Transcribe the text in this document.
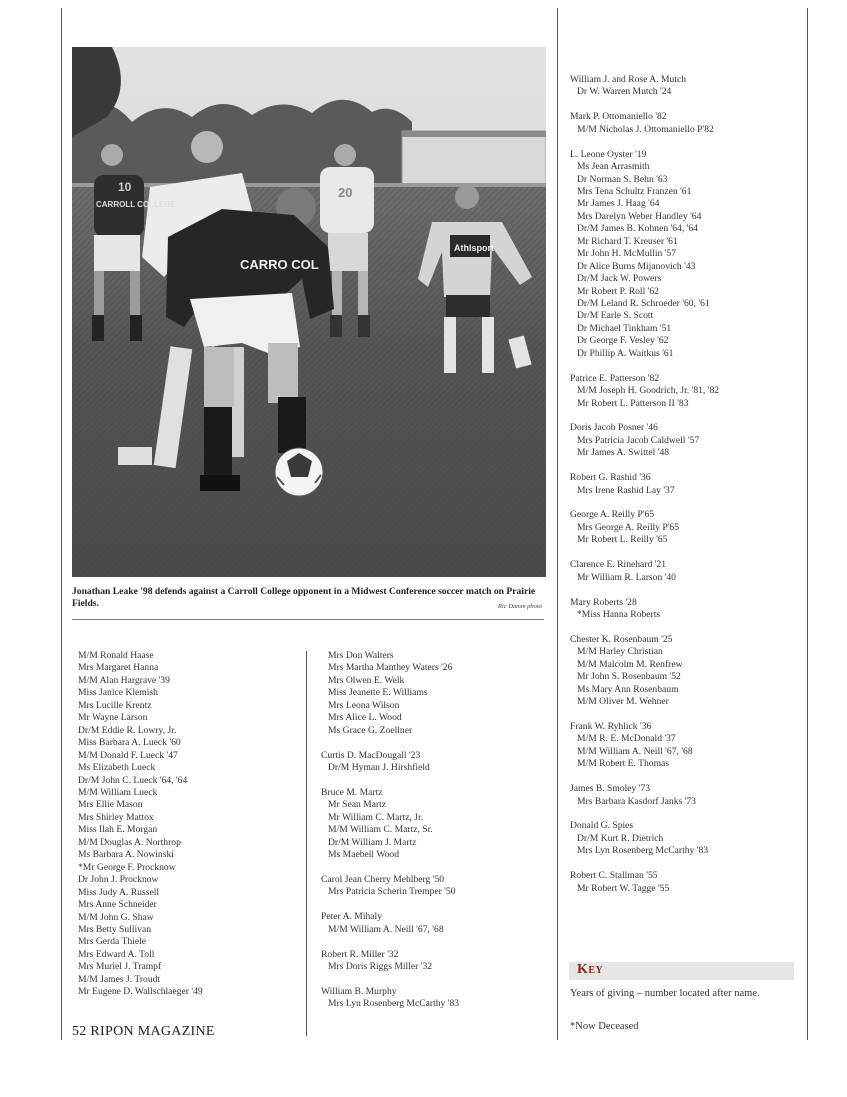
CARROLL COLLEGE
CARRO COL
20
10
Athlsport
Jonathan Leake '98 defends against a Carroll College opponent in a Midwest Conference soccer match on Prairie Fields.	Ric Damm photo
M/M Ronald Haase
Mrs Margaret Hanna
M/M Alan Hargrave '39
Miss Janice Klemish
Mrs Lucille Krentz
Mr Wayne Larson
Dr/M Eddie R. Lowry, Jr.
Miss Barbara A. Lueck '60
M/M Donald F. Lueck '47
Ms Elizabeth Lueck
Dr/M John C. Lueck '64, '64
M/M William Lueck
Mrs Ellie Mason
Mrs Shirley Mattox
Miss Ilah E. Morgan
M/M Douglas A. Northrop
Ms Barbara A. Nowinski
*Mr George F. Procknow
Dr John J. Procknow
Miss Judy A. Russell
Mrs Anne Schneider
M/M John G. Shaw
Mrs Betty Sullivan
Mrs Gerda Thiele
Mrs Edward A. Toll
Mrs Muriel J. Trampf
M/M James J. Troudt
Mr Eugene D. Wallschlaeger '49
Mrs Don Walters
Mrs Martha Manthey Waters '26
Mrs Olwen E. Welk
Miss Jeanette E. Williams
Mrs Leona Wilson
Mrs Alice L. Wood
Ms Grace G. Zoellner
Curtis D. MacDougall '23
Dr/M Hyman J. Hirshfield
Bruce M. Martz
Mr Sean Martz
Mr William C. Martz, Jr.
M/M William C. Martz, Sr.
Dr/M William J. Martz
Ms Maebell Wood
Carol Jean Cherry Mehlberg '50
Mrs Patricia Scherin Tremper '50
Peter A. Mihaly
M/M William A. Neill '67, '68
Robert R. Miller '32
Mrs Doris Riggs Miller '32
William B. Murphy
Mrs Lyn Rosenberg McCarthy '83
William J. and Rose A. Mutch
Dr W. Warren Mutch '24
Mark P. Ottomaniello '82
M/M Nicholas J. Ottomaniello P'82
L. Leone Oyster '19
Ms Jean Arrasmith
Dr Norman S. Behn '63
Mrs Tena Schultz Franzen '61
Mr James J. Haag '64
Mrs Darelyn Weber Handley '64
Dr/M James B. Kohnen '64, '64
Mr Richard T. Kreuser '61
Mr John H. McMullin '57
Dr Alice Burns Mijanovich '43
Dr/M Jack W. Powers
Mr Robert P. Roll '62
Dr/M Leland R. Schroeder '60, '61
Dr/M Earle S. Scott
Dr Michael Tinkham '51
Dr George F. Vesley '62
Dr Phillip A. Waitkus '61
Patrice E. Patterson '82
M/M Joseph H. Goodrich, Jr. '81, '82
Mr Robert L. Patterson II '83
Doris Jacob Posner '46
Mrs Patricia Jacob Caldwell '57
Mr James A. Swittel '48
Robert G. Rashid '36
Mrs Irene Rashid Lay '37
George A. Reilly P'65
Mrs George A. Reilly P'65
Mr Robert L. Reilly '65
Clarence E. Rinehard '21
Mr William R. Larson '40
Mary Roberts '28
*Miss Hanna Roberts
Chester K. Rosenbaum '25
M/M Harley Christian
M/M Malcolm M. Renfrew
Mr John S. Rosenbaum '52
Ms Mary Ann Rosenbaum
M/M Oliver M. Wehner
Frank W. Ryhlick '36
M/M R. E. McDonald '37
M/M William A. Neill '67, '68
M/M Robert E. Thomas
James B. Smoley '73
Mrs Barbara Kasdorf Janks '73
Donald G. Spies
Dr/M Kurt R. Dietrich
Mrs Lyn Rosenberg McCarthy '83
Robert C. Stallman '55
Mr Robert W. Tagge '55
52 RIPON MAGAZINE
Key
Years of giving – number located after name.
*Now Deceased
